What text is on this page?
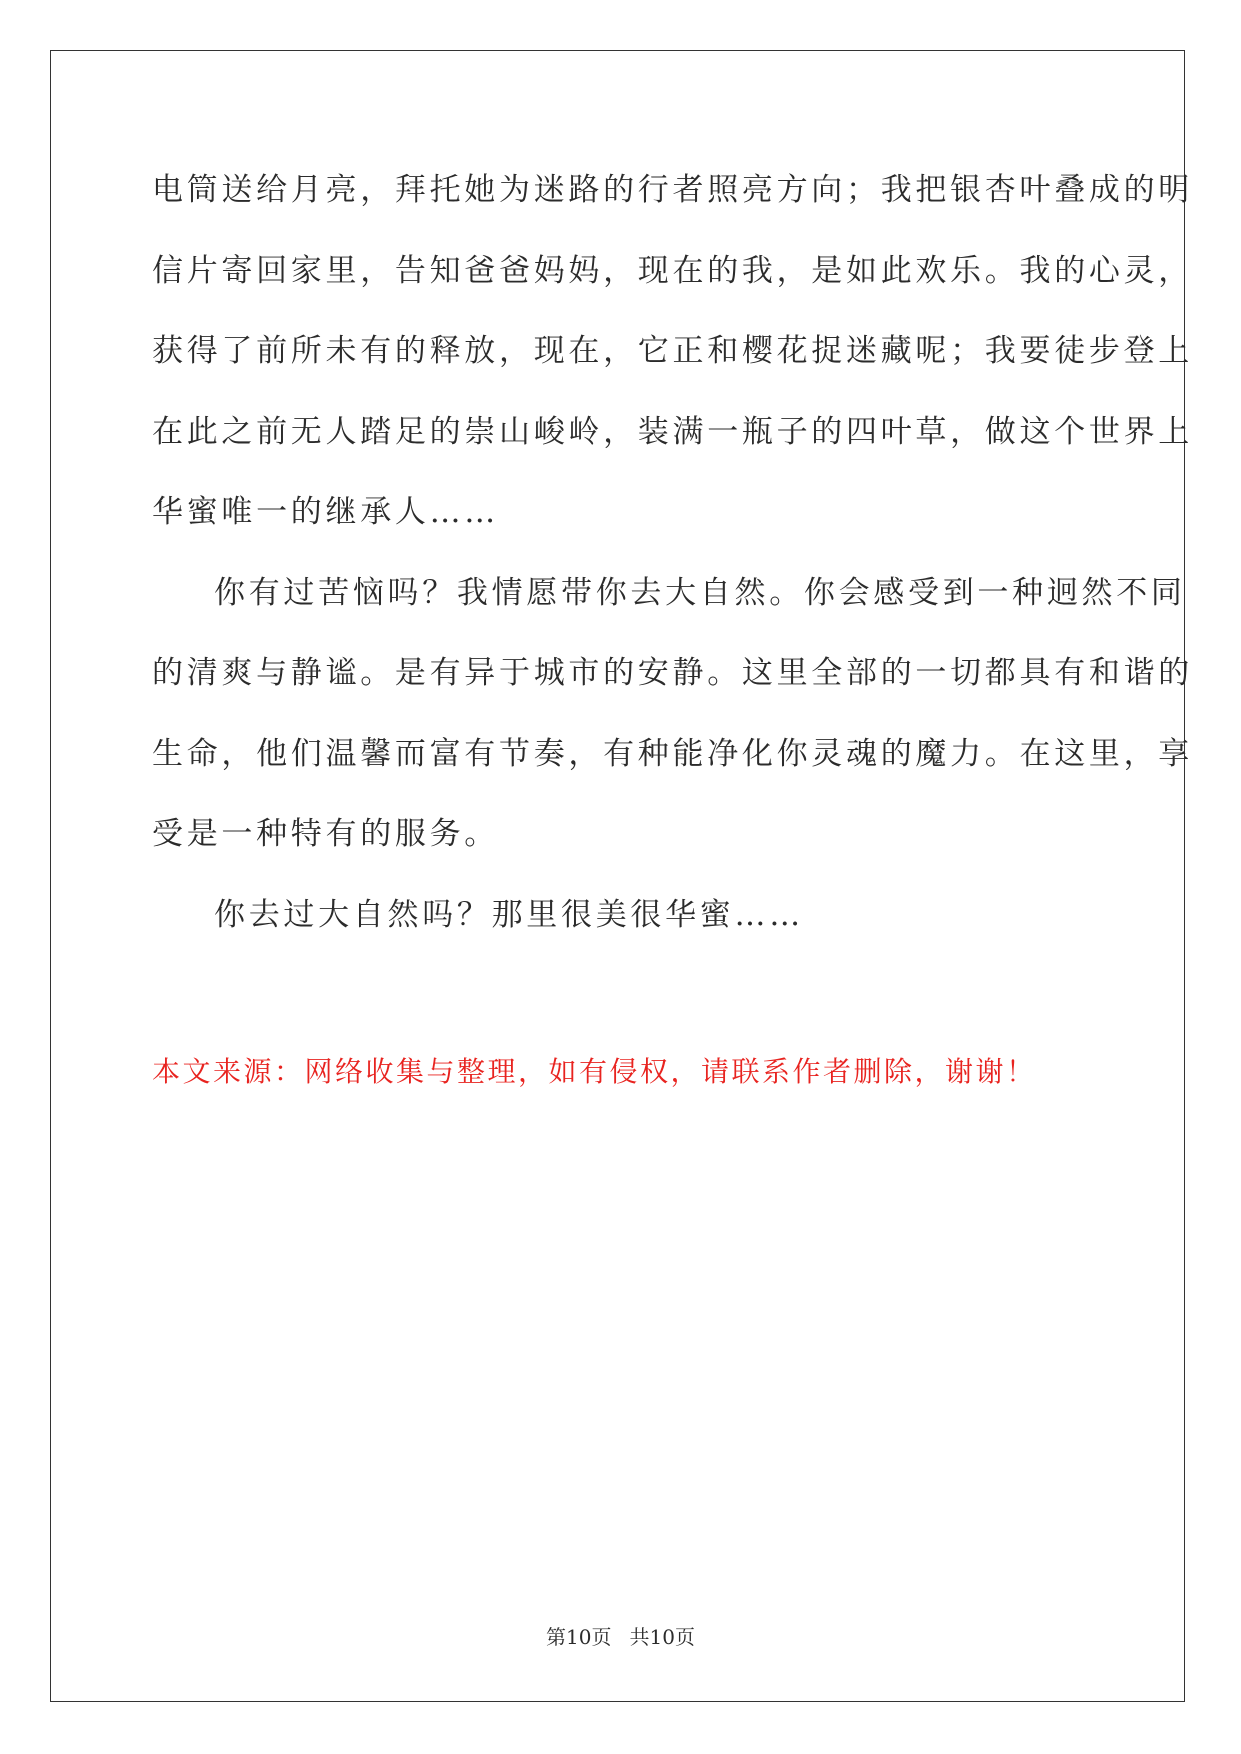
电筒送给月亮，拜托她为迷路的行者照亮方向；我把银杏叶叠成的明
信片寄回家里，告知爸爸妈妈，现在的我，是如此欢乐。我的心灵，
获得了前所未有的释放，现在，它正和樱花捉迷藏呢；我要徒步登上
在此之前无人踏足的崇山峻岭，装满一瓶子的四叶草，做这个世界上
华蜜唯一的继承人……
你有过苦恼吗？我情愿带你去大自然。你会感受到一种迥然不同
的清爽与静谧。是有异于城市的安静。这里全部的一切都具有和谐的
生命，他们温馨而富有节奏，有种能净化你灵魂的魔力。在这里，享
受是一种特有的服务。
你去过大自然吗？那里很美很华蜜……
本文来源：网络收集与整理，如有侵权，请联系作者删除，谢谢！
第10页 共10页
